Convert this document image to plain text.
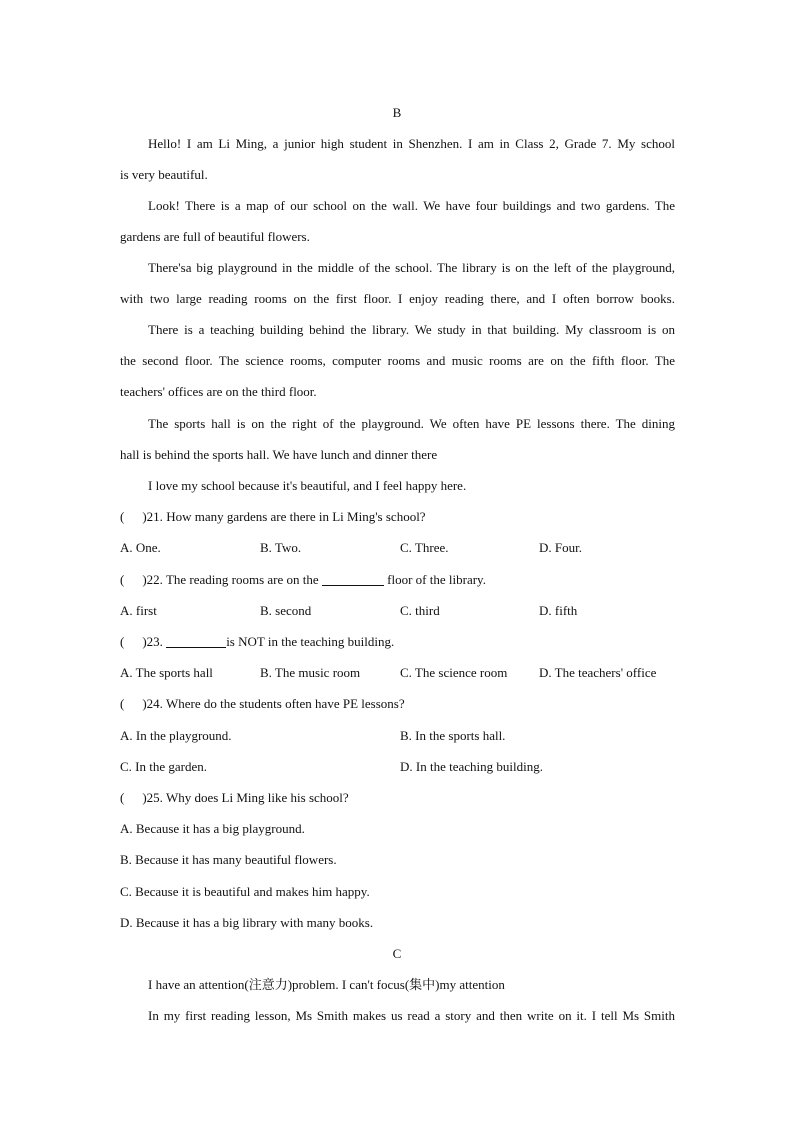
B
Hello! I am Li Ming, a junior high student in Shenzhen. I am in Class 2, Grade 7. My school
is very beautiful.
Look! There is a map of our school on the wall. We have four buildings and two gardens. The
gardens are full of beautiful flowers.
There'sa big playground in the middle of the school. The library is on the left of the playground,
with two large reading rooms on the first floor. I enjoy reading there, and I often borrow books.
There is a teaching building behind the library. We study in that building. My classroom is on
the second floor. The science rooms, computer rooms and music rooms are on the fifth floor. The
teachers' offices are on the third floor.
The sports hall is on the right of the playground. We often have PE lessons there. The dining
hall is behind the sports hall. We have lunch and dinner there
I love my school because it's beautiful, and I feel happy here.
( )21. How many gardens are there in Li Ming's school?
A. One.	B. Two.	C. Three.	D. Four.
( )22. The reading rooms are on the	floor of the library.
A. first	B. second	C. third	D. fifth
( )23.	is NOT in the teaching building.
A. The sports hall	B. The music room	C. The science room D. The teachers' office
( )24. Where do the students often have PE lessons?
A. In the playground.	B. In the sports hall.
C. In the garden.	D. In the teaching building.
( )25. Why does Li Ming like his school?
A. Because it has a big playground.
B. Because it has many beautiful flowers.
C. Because it is beautiful and makes him happy.
D. Because it has a big library with many books.
C
I have an attention(注意力)problem. I can't focus(集中)my attention
In my first reading lesson, Ms Smith makes us read a story and then write on it. I tell Ms Smith
